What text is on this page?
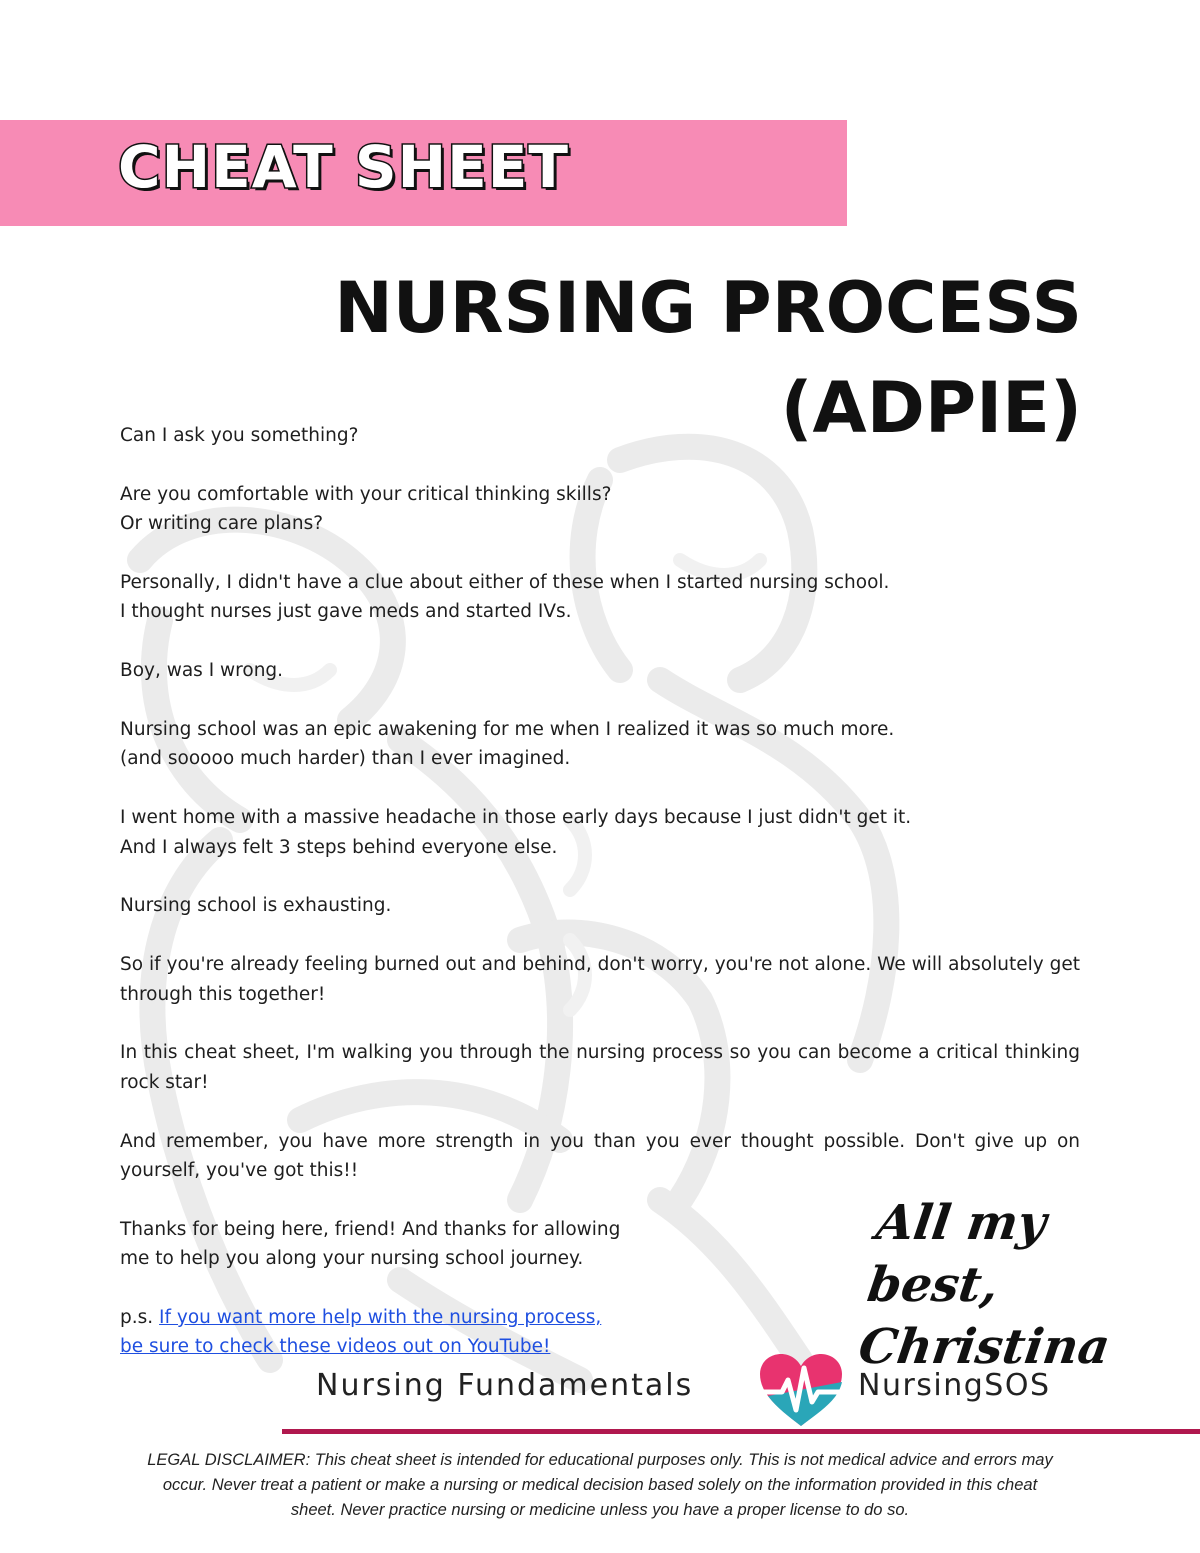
CHEAT SHEET
NURSING PROCESS
(ADPIE)

Can I ask you something?

Are you comfortable with your critical thinking skills?
Or writing care plans?

Personally, I didn't have a clue about either of these when I started nursing school.
I thought nurses just gave meds and started IVs.

Boy, was I wrong.

Nursing school was an epic awakening for me when I realized it was so much more.
(and sooooo much harder) than I ever imagined.

I went home with a massive headache in those early days because I just didn't get it.
And I always felt 3 steps behind everyone else.

Nursing school is exhausting.

So if you're already feeling burned out and behind, don't worry, you're not alone. We will absolutely get through this together!

In this cheat sheet, I'm walking you through the nursing process so you can become a critical thinking rock star!

And remember, you have more strength in you than you ever thought possible. Don't give up on yourself, you've got this!!

Thanks for being here, friend! And thanks for allowing
me to help you along your nursing school journey.

p.s. If you want more help with the nursing process,
be sure to check these videos out on YouTube!

All my best,
Christina
Nursing Fundamentals	NursingSOS

LEGAL DISCLAIMER: This cheat sheet is intended for educational purposes only. This is not medical advice and errors may occur. Never treat a patient or make a nursing or medical decision based solely on the information provided in this cheat sheet. Never practice nursing or medicine unless you have a proper license to do so.
